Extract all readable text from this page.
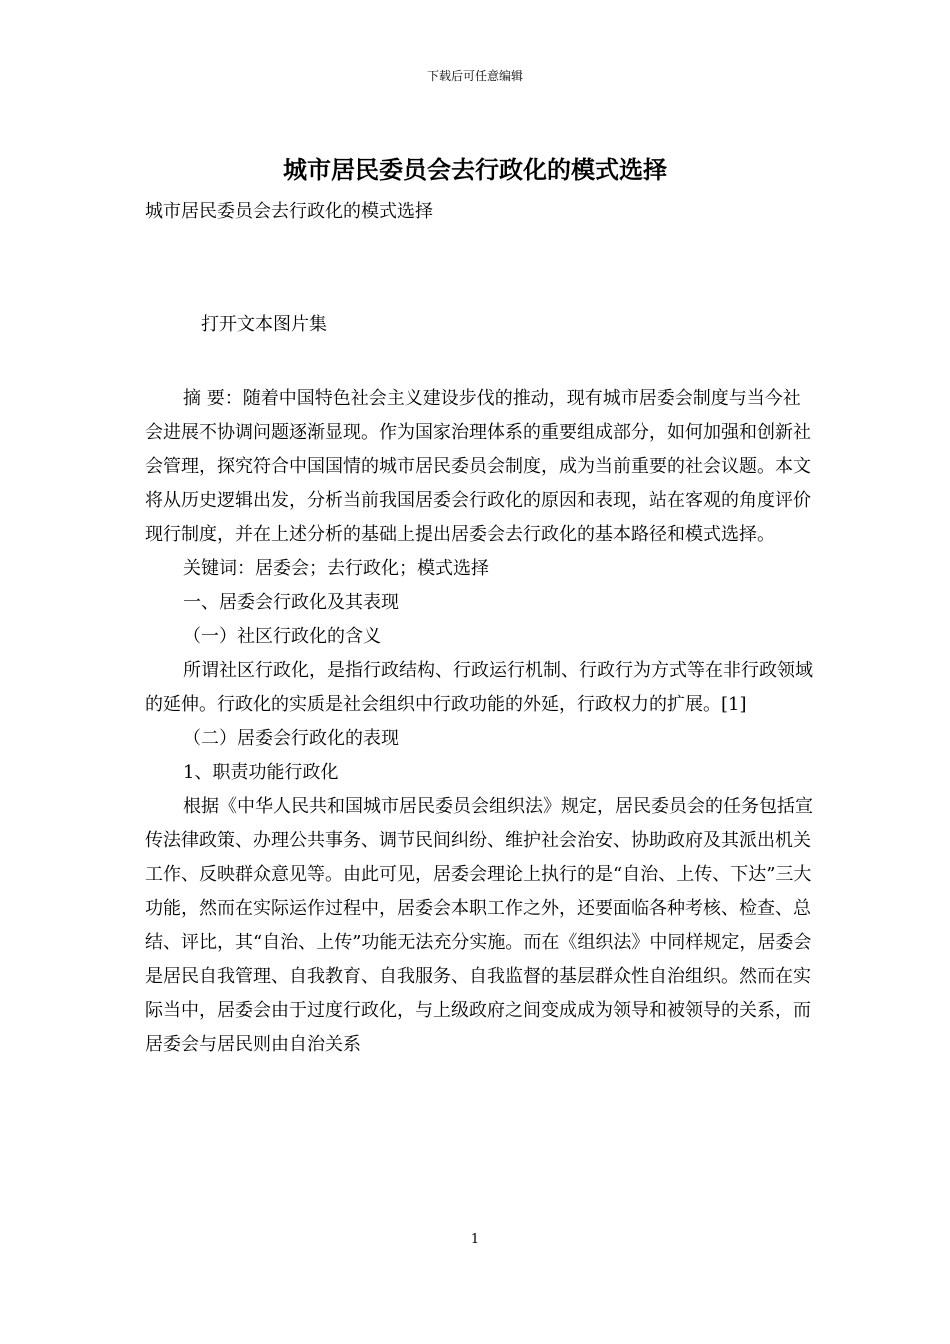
下载后可任意编辑
城市居民委员会去行政化的模式选择

城市居民委员会去行政化的模式选择

打开文本图片集

摘 要：随着中国特色社会主义建设步伐的推动，现有城市居委会制度与当今社会进展不协调问题逐渐显现。作为国家治理体系的重要组成部分，如何加强和创新社会管理，探究符合中国国情的城市居民委员会制度，成为当前重要的社会议题。本文将从历史逻辑出发，分析当前我国居委会行政化的原因和表现，站在客观的角度评价现行制度，并在上述分析的基础上提出居委会去行政化的基本路径和模式选择。

关键词：居委会；去行政化；模式选择

一、居委会行政化及其表现

（一）社区行政化的含义

所谓社区行政化，是指行政结构、行政运行机制、行政行为方式等在非行政领域的延伸。行政化的实质是社会组织中行政功能的外延，行政权力的扩展。[1]

（二）居委会行政化的表现

1、职责功能行政化

根据《中华人民共和国城市居民委员会组织法》规定，居民委员会的任务包括宣传法律政策、办理公共事务、调节民间纠纷、维护社会治安、协助政府及其派出机关工作、反映群众意见等。由此可见，居委会理论上执行的是“自治、上传、下达”三大功能，然而在实际运作过程中，居委会本职工作之外，还要面临各种考核、检查、总结、评比，其“自治、上传”功能无法充分实施。而在《组织法》中同样规定，居委会是居民自我管理、自我教育、自我服务、自我监督的基层群众性自治组织。然而在实际当中，居委会由于过度行政化，与上级政府之间变成成为领导和被领导的关系，而居委会与居民则由自治关系

1
